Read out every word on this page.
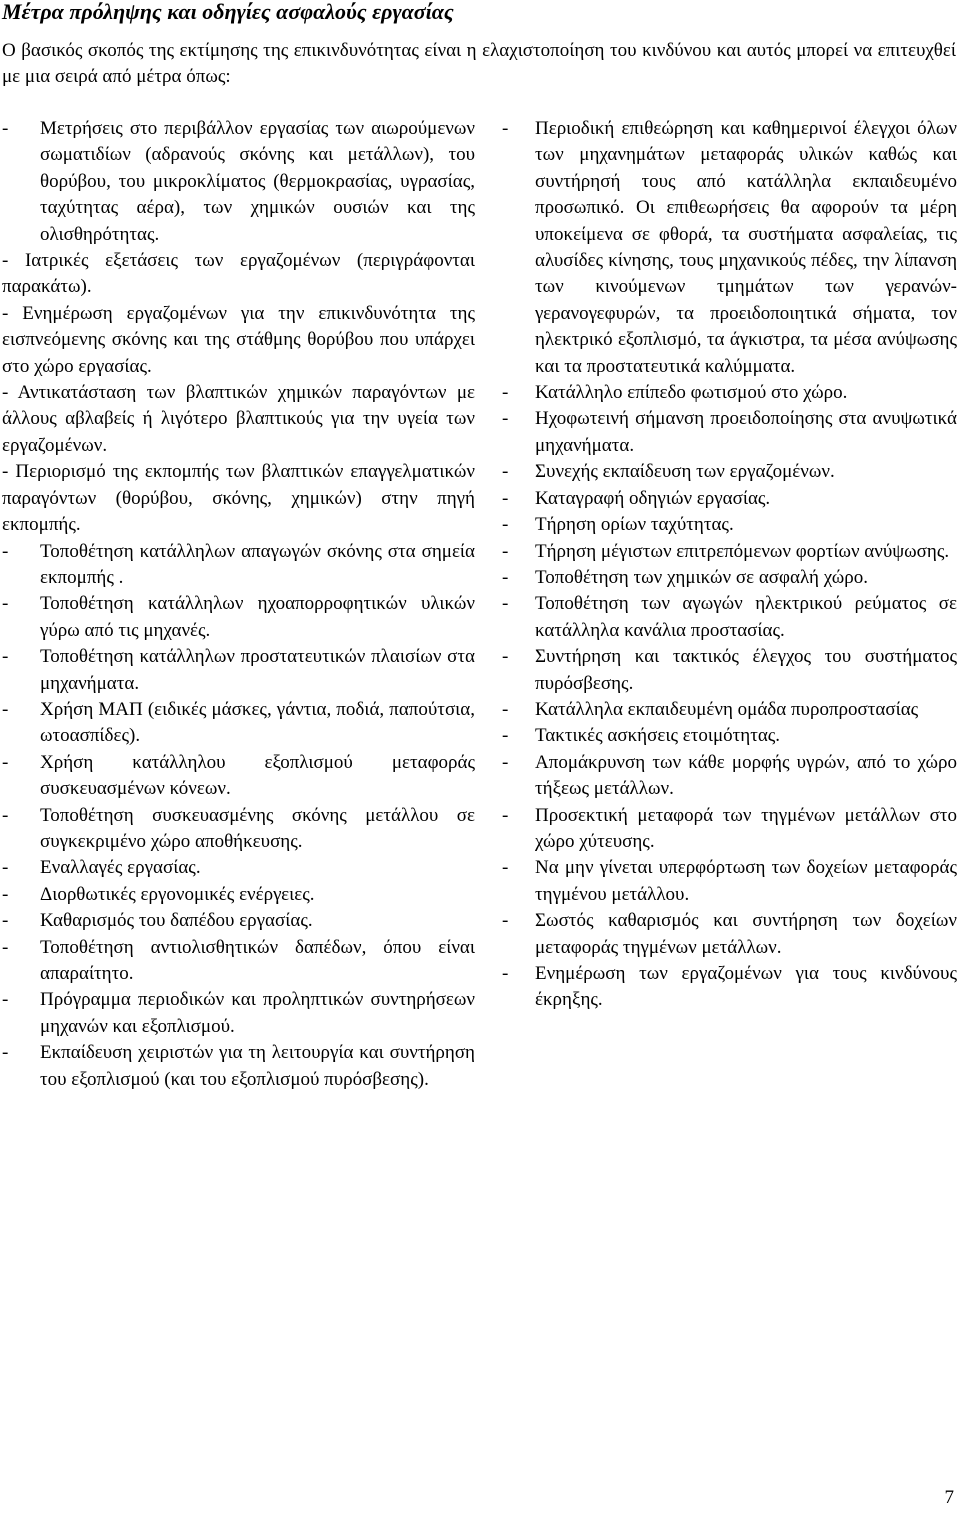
Μέτρα πρόληψης και οδηγίες ασφαλούς εργασίας

Ο βασικός σκοπός της εκτίμησης της επικινδυνότητας είναι η ελαχιστοποίηση του κινδύνου και αυτός μπορεί να επιτευχθεί με μια σειρά από μέτρα όπως:

- Μετρήσεις στο περιβάλλον εργασίας των αιωρούμενων σωματιδίων (αδρανούς σκόνης και μετάλλων), του θορύβου, του μικροκλίματος (θερμοκρασίας, υγρασίας, ταχύτητας αέρα), των χημικών ουσιών και της ολισθηρότητας.
- Ιατρικές εξετάσεις των εργαζομένων (περιγράφονται παρακάτω).
- Ενημέρωση εργαζομένων για την επικινδυνότητα της εισπνεόμενης σκόνης και της στάθμης θορύβου που υπάρχει στο χώρο εργασίας.
- Αντικατάσταση των βλαπτικών χημικών παραγόντων με άλλους αβλαβείς ή λιγότερο βλαπτικούς για την υγεία των εργαζομένων.
- Περιορισμό της εκπομπής των βλαπτικών επαγγελματικών παραγόντων (θορύβου, σκόνης, χημικών) στην πηγή εκπομπής.
- Τοποθέτηση κατάλληλων απαγωγών σκόνης στα σημεία εκπομπής .
- Τοποθέτηση κατάλληλων ηχοαπορροφητικών υλικών γύρω από τις μηχανές.
- Τοποθέτηση κατάλληλων προστατευτικών πλαισίων στα μηχανήματα.
- Χρήση ΜΑΠ (ειδικές μάσκες, γάντια, ποδιά, παπούτσια, ωτοασπίδες).
- Χρήση κατάλληλου εξοπλισμού μεταφοράς συσκευασμένων κόνεων.
- Τοποθέτηση συσκευασμένης σκόνης μετάλλου σε συγκεκριμένο χώρο αποθήκευσης.
- Εναλλαγές εργασίας.
- Διορθωτικές εργονομικές ενέργειες.
- Καθαρισμός του δαπέδου εργασίας.
- Τοποθέτηση αντιολισθητικών δαπέδων, όπου είναι απαραίτητο.
- Πρόγραμμα περιοδικών και προληπτικών συντηρήσεων μηχανών και εξοπλισμού.
- Εκπαίδευση χειριστών για τη λειτουργία και συντήρηση του εξοπλισμού (και του εξοπλισμού πυρόσβεσης).
- Περιοδική επιθεώρηση και καθημερινοί έλεγχοι όλων των μηχανημάτων μεταφοράς υλικών καθώς και συντήρησή τους από κατάλληλα εκπαιδευμένο προσωπικό. Οι επιθεωρήσεις θα αφορούν τα μέρη υποκείμενα σε φθορά, τα συστήματα ασφαλείας, τις αλυσίδες κίνησης, τους μηχανικούς πέδες, την λίπανση των κινούμενων τμημάτων των γερανών-γερανογεφυρών, τα προειδοποιητικά σήματα, τον ηλεκτρικό εξοπλισμό, τα άγκιστρα, τα μέσα ανύψωσης και τα προστατευτικά καλύμματα.
- Κατάλληλο επίπεδο φωτισμού στο χώρο.
- Ηχοφωτεινή σήμανση προειδοποίησης στα ανυψωτικά μηχανήματα.
- Συνεχής εκπαίδευση των εργαζομένων.
- Καταγραφή οδηγιών εργασίας.
- Τήρηση ορίων ταχύτητας.
- Τήρηση μέγιστων επιτρεπόμενων φορτίων ανύψωσης.
- Τοποθέτηση των χημικών σε ασφαλή χώρο.
- Τοποθέτηση των αγωγών ηλεκτρικού ρεύματος σε κατάλληλα κανάλια προστασίας.
- Συντήρηση και τακτικός έλεγχος του συστήματος πυρόσβεσης.
- Κατάλληλα εκπαιδευμένη ομάδα πυροπροστασίας
- Τακτικές ασκήσεις ετοιμότητας.
- Απομάκρυνση των κάθε μορφής υγρών, από το χώρο τήξεως μετάλλων.
- Προσεκτική μεταφορά των τηγμένων μετάλλων στο χώρο χύτευσης.
- Να μην γίνεται υπερφόρτωση των δοχείων μεταφοράς τηγμένου μετάλλου.
- Σωστός καθαρισμός και συντήρηση των δοχείων μεταφοράς τηγμένων μετάλλων.
- Ενημέρωση των εργαζομένων για τους κινδύνους έκρηξης.

7
